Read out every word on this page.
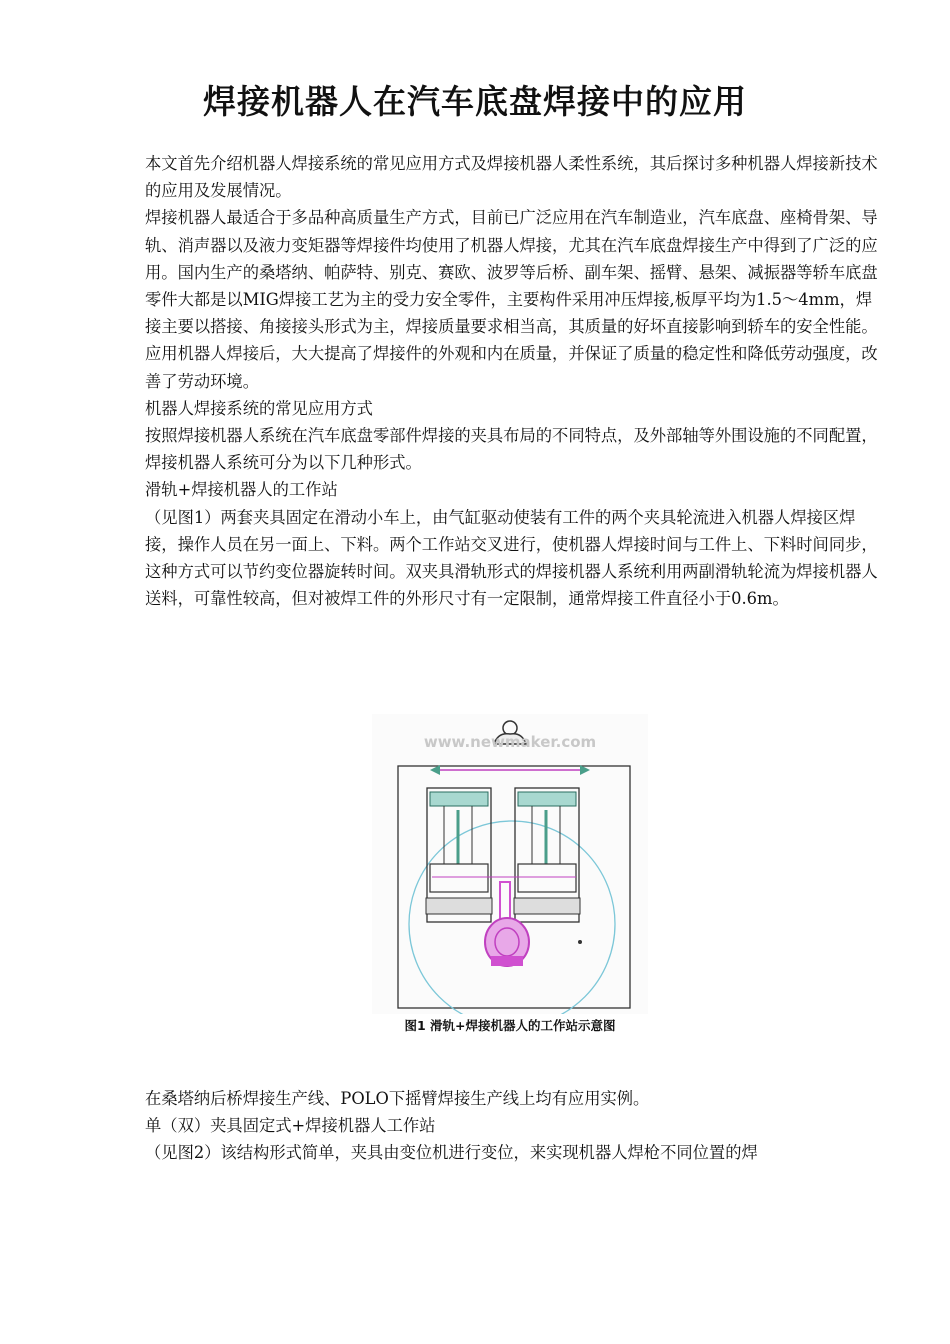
焊接机器人在汽车底盘焊接中的应用

本文首先介绍机器人焊接系统的常见应用方式及焊接机器人柔性系统，其后探讨多种机器人焊接新技术的应用及发展情况。

焊接机器人最适合于多品种高质量生产方式，目前已广泛应用在汽车制造业，汽车底盘、座椅骨架、导轨、消声器以及液力变矩器等焊接件均使用了机器人焊接，尤其在汽车底盘焊接生产中得到了广泛的应用。国内生产的桑塔纳、帕萨特、别克、赛欧、波罗等后桥、副车架、摇臂、悬架、减振器等轿车底盘零件大都是以MIG焊接工艺为主的受力安全零件，主要构件采用冲压焊接,板厚平均为1.5～4mm，焊接主要以搭接、角接接头形式为主，焊接质量要求相当高，其质量的好坏直接影响到轿车的安全性能。应用机器人焊接后，大大提高了焊接件的外观和内在质量，并保证了质量的稳定性和降低劳动强度，改善了劳动环境。

机器人焊接系统的常见应用方式

按照焊接机器人系统在汽车底盘零部件焊接的夹具布局的不同特点，及外部轴等外围设施的不同配置，焊接机器人系统可分为以下几种形式。

滑轨+焊接机器人的工作站

（见图1）两套夹具固定在滑动小车上，由气缸驱动使装有工件的两个夹具轮流进入机器人焊接区焊接，操作人员在另一面上、下料。两个工作站交叉进行，使机器人焊接时间与工件上、下料时间同步，这种方式可以节约变位器旋转时间。双夹具滑轨形式的焊接机器人系统利用两副滑轨轮流为焊接机器人送料，可靠性较高，但对被焊工件的外形尺寸有一定限制，通常焊接工件直径小于0.6m。

www.newmaker.com
图1 滑轨+焊接机器人的工作站示意图

在桑塔纳后桥焊接生产线、POLO下摇臂焊接生产线上均有应用实例。

单（双）夹具固定式+焊接机器人工作站

（见图2）该结构形式简单，夹具由变位机进行变位，来实现机器人焊枪不同位置的焊
